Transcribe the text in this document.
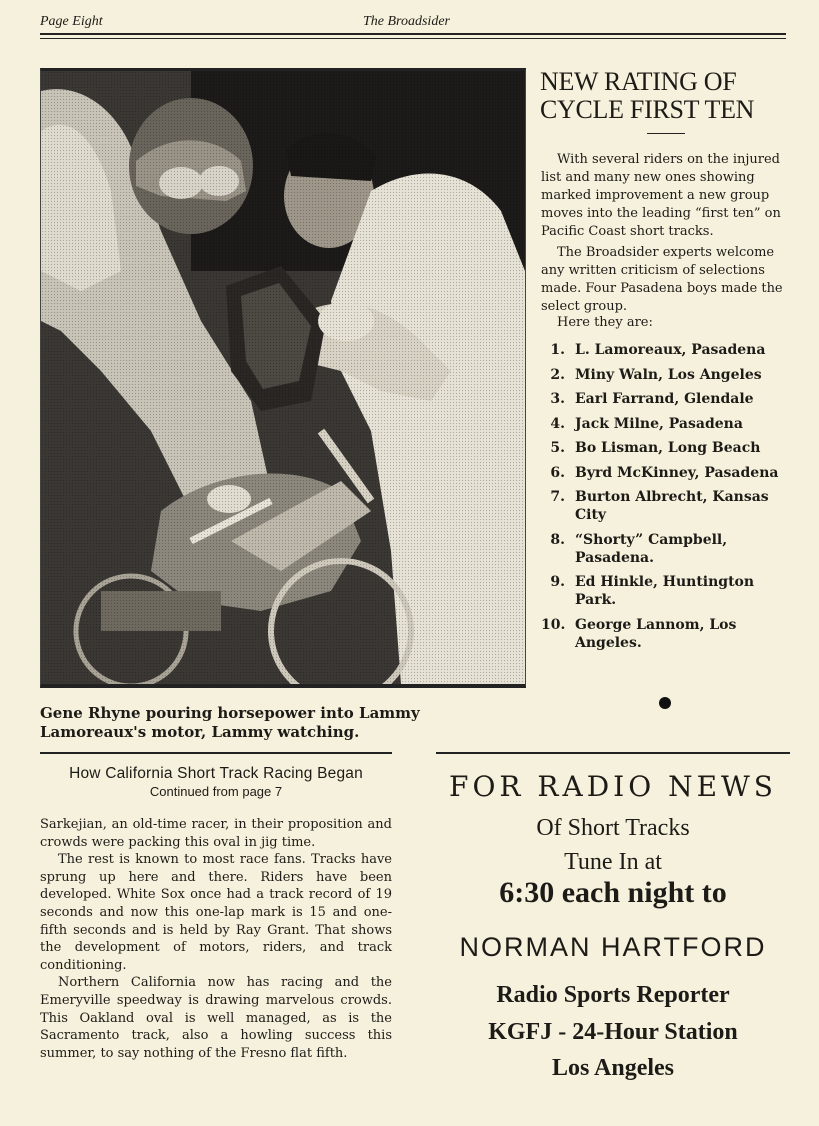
Page Eight	The Broadsider
Gene Rhyne pouring horsepower into Lammy Lamoreaux's motor, Lammy watching.
NEW RATING OF CYCLE FIRST TEN
With several riders on the injured list and many new ones showing marked improvement a new group moves into the leading “first ten” on Pacific Coast short tracks.
The Broadsider experts welcome any written criticism of selections made. Four Pasadena boys made the select group.
Here they are:
1. L. Lamoreaux, Pasadena
2. Miny Waln, Los Angeles
3. Earl Farrand, Glendale
4. Jack Milne, Pasadena
5. Bo Lisman, Long Beach
6. Byrd McKinney, Pasadena
7. Burton Albrecht, Kansas City
8. “Shorty” Campbell, Pasadena.
9. Ed Hinkle, Huntington Park.
10. George Lannom, Los Angeles.
How California Short Track Racing Began
Continued from page 7

Sarkejian, an old-time racer, in their proposition and crowds were packing this oval in jig time.

The rest is known to most race fans. Tracks have sprung up here and there. Riders have been developed. White Sox once had a track record of 19 seconds and now this one-lap mark is 15 and one-fifth seconds and is held by Ray Grant. That shows the development of motors, riders, and track conditioning.

Northern California now has racing and the Emeryville speedway is drawing marvelous crowds. This Oakland oval is well managed, as is the Sacramento track, also a howling success this summer, to say nothing of the Fresno flat fifth.

FOR RADIO NEWS
Of Short Tracks
Tune In at
6:30 each night to
NORMAN HARTFORD
Radio Sports Reporter
KGFJ - 24-Hour Station
Los Angeles
